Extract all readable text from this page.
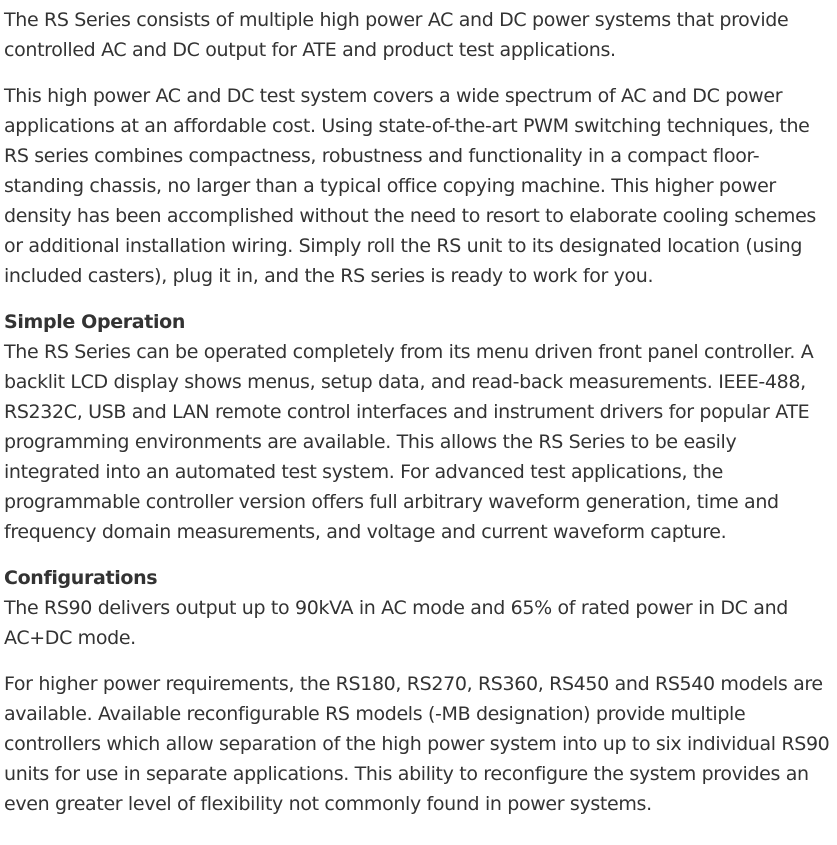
The RS Series consists of multiple high power AC and DC power systems that provide controlled AC and DC output for ATE and product test applications.

This high power AC and DC test system covers a wide spectrum of AC and DC power applications at an affordable cost. Using state-of-the-art PWM switching techniques, the RS series combines compactness, robustness and functionality in a compact floor-standing chassis, no larger than a typical office copying machine. This higher power density has been accomplished without the need to resort to elaborate cooling schemes or additional installation wiring. Simply roll the RS unit to its designated location (using included casters), plug it in, and the RS series is ready to work for you.

Simple Operation

The RS Series can be operated completely from its menu driven front panel controller. A backlit LCD display shows menus, setup data, and read-back measurements. IEEE-488, RS232C, USB and LAN remote control interfaces and instrument drivers for popular ATE programming environments are available. This allows the RS Series to be easily integrated into an automated test system. For advanced test applications, the programmable controller version offers full arbitrary waveform generation, time and frequency domain measurements, and voltage and current waveform capture.

Configurations

The RS90 delivers output up to 90kVA in AC mode and 65% of rated power in DC and AC+DC mode.

For higher power requirements, the RS180, RS270, RS360, RS450 and RS540 models are available. Available reconfigurable RS models (-MB designation) provide multiple controllers which allow separation of the high power system into up to six individual RS90 units for use in separate applications. This ability to reconfigure the system provides an even greater level of flexibility not commonly found in power systems.
